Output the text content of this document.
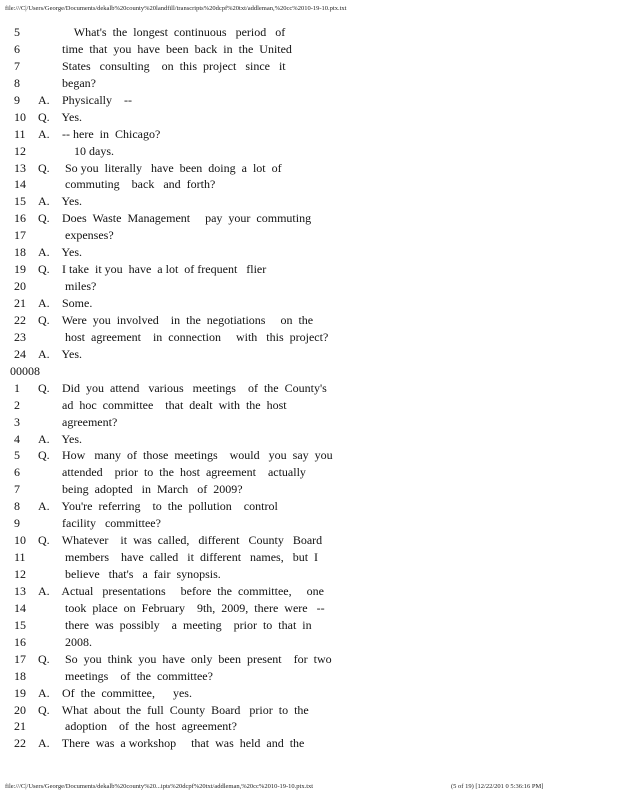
file:///C|/Users/George/Documents/dekalb%20county%20landfill/transcripts%20dcpf%20txt/addleman,%20cc%2010-19-10.ptx.txt
5	What's  the  longest  continuous   period   of
6	time  that  you  have  been  back  in  the  United
7	States   consulting    on  this  project   since   it
8	began?
9	A. Physically    --
10	Q. Yes.
11	A. -- here  in  Chicago?
12	10 days.
13	Q. So you  literally   have  been  doing  a  lot  of
14	commuting    back   and  forth?
15	A. Yes.
16	Q. Does  Waste  Management     pay  your  commuting
17	expenses?
18	A. Yes.
19	Q. I take  it you  have  a lot  of frequent   flier
20	miles?
21	A. Some.
22	Q. Were  you  involved    in  the  negotiations     on  the
23	host  agreement    in  connection     with   this  project?
24	A. Yes.
00008
1	Q. Did  you  attend   various   meetings    of  the  County's
2	ad  hoc  committee    that  dealt  with  the  host
3	agreement?
4	A. Yes.
5	Q. How   many  of  those  meetings    would   you  say  you
6	attended    prior  to  the  host  agreement    actually
7	being  adopted   in  March   of  2009?
8	A. You're  referring    to  the  pollution    control
9	facility   committee?
10	Q. Whatever    it  was  called,   different   County   Board
11	members    have  called   it  different   names,   but  I
12	believe   that's   a  fair  synopsis.
13	A. Actual   presentations     before  the  committee,     one
14	took  place  on  February    9th,  2009,  there  were   --
15	there  was  possibly    a  meeting    prior  to  that  in
16	2008.
17	Q. So  you  think  you  have  only  been  present    for  two
18	meetings    of  the  committee?
19	A. Of  the  committee,      yes.
20	Q. What  about  the  full  County  Board   prior  to  the
21	adoption    of  the  host  agreement?
22	A. There  was  a workshop     that  was  held  and  the
file:///C|/Users/George/Documents/dekalb%20county%20...ipts%20dcpf%20txt/addleman,%20cc%2010-19-10.ptx.txt	(5 of 19) [12/22/201 0 5:36:16 PM]
